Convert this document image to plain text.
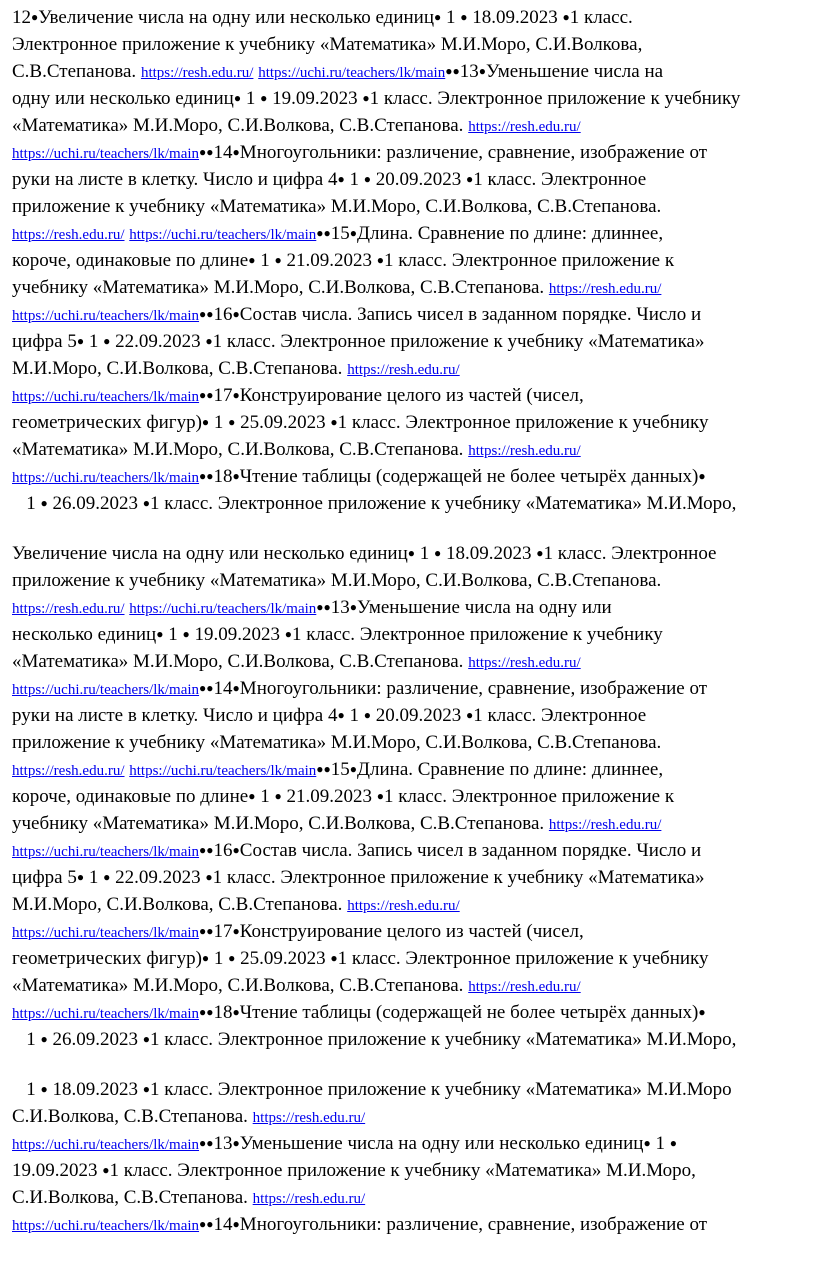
12●Увеличение числа на одну или несколько единиц● 1 ● 18.09.2023 ●1 класс.
Электронное приложение к учебнику «Математика» М.И.Моро, С.И.Волкова,
С.В.Степанова. https://resh.edu.ru/ https://uchi.ru/teachers/lk/main●●13●Уменьшение числа на
одну или несколько единиц● 1 ● 19.09.2023 ●1 класс. Электронное приложение к учебнику
«Математика» М.И.Моро, С.И.Волкова, С.В.Степанова. https://resh.edu.ru/
https://uchi.ru/teachers/lk/main●●14●Многоугольники: различение, сравнение, изображение от
руки на листе в клетку. Число и цифра 4● 1 ● 20.09.2023 ●1 класс. Электронное
приложение к учебнику «Математика» М.И.Моро, С.И.Волкова, С.В.Степанова.
https://resh.edu.ru/ https://uchi.ru/teachers/lk/main●●15●Длина. Сравнение по длине: длиннее,
короче, одинаковые по длине● 1 ● 21.09.2023 ●1 класс. Электронное приложение к
учебнику «Математика» М.И.Моро, С.И.Волкова, С.В.Степанова. https://resh.edu.ru/
https://uchi.ru/teachers/lk/main●●16●Состав числа. Запись чисел в заданном порядке. Число и
цифра 5● 1 ● 22.09.2023 ●1 класс. Электронное приложение к учебнику «Математика»
М.И.Моро, С.И.Волкова, С.В.Степанова. https://resh.edu.ru/
https://uchi.ru/teachers/lk/main●●17●Конструирование целого из частей (чисел,
геометрических фигур)● 1 ● 25.09.2023 ●1 класс. Электронное приложение к учебнику
«Математика» М.И.Моро, С.И.Волкова, С.В.Степанова. https://resh.edu.ru/
https://uchi.ru/teachers/lk/main●●18●Чтение таблицы (содержащей не более четырёх данных)●
1 ● 26.09.2023 ●1 класс. Электронное приложение к учебнику «Математика» М.И.Моро,
Увеличение числа на одну или несколько единиц● 1 ● 18.09.2023 ●1 класс. Электронное
приложение к учебнику «Математика» М.И.Моро, С.И.Волкова, С.В.Степанова.
https://resh.edu.ru/ https://uchi.ru/teachers/lk/main●●13●Уменьшение числа на одну или
несколько единиц● 1 ● 19.09.2023 ●1 класс. Электронное приложение к учебнику
«Математика» М.И.Моро, С.И.Волкова, С.В.Степанова. https://resh.edu.ru/
https://uchi.ru/teachers/lk/main●●14●Многоугольники: различение, сравнение, изображение от
руки на листе в клетку. Число и цифра 4● 1 ● 20.09.2023 ●1 класс. Электронное
приложение к учебнику «Математика» М.И.Моро, С.И.Волкова, С.В.Степанова.
https://resh.edu.ru/ https://uchi.ru/teachers/lk/main●●15●Длина. Сравнение по длине: длиннее,
короче, одинаковые по длине● 1 ● 21.09.2023 ●1 класс. Электронное приложение к
учебнику «Математика» М.И.Моро, С.И.Волкова, С.В.Степанова. https://resh.edu.ru/
https://uchi.ru/teachers/lk/main●●16●Состав числа. Запись чисел в заданном порядке. Число и
цифра 5● 1 ● 22.09.2023 ●1 класс. Электронное приложение к учебнику «Математика»
М.И.Моро, С.И.Волкова, С.В.Степанова. https://resh.edu.ru/
https://uchi.ru/teachers/lk/main●●17●Конструирование целого из частей (чисел,
геометрических фигур)● 1 ● 25.09.2023 ●1 класс. Электронное приложение к учебнику
«Математика» М.И.Моро, С.И.Волкова, С.В.Степанова. https://resh.edu.ru/
https://uchi.ru/teachers/lk/main●●18●Чтение таблицы (содержащей не более четырёх данных)●
1 ● 26.09.2023 ●1 класс. Электронное приложение к учебнику «Математика» М.И.Моро,
1 ● 18.09.2023 ●1 класс. Электронное приложение к учебнику «Математика» М.И.Моро
С.И.Волкова, С.В.Степанова. https://resh.edu.ru/
https://uchi.ru/teachers/lk/main●●13●Уменьшение числа на одну или несколько единиц● 1 ●
19.09.2023 ●1 класс. Электронное приложение к учебнику «Математика» М.И.Моро,
С.И.Волкова, С.В.Степанова. https://resh.edu.ru/
https://uchi.ru/teachers/lk/main●●14●Многоугольники: различение, сравнение, изображение от
